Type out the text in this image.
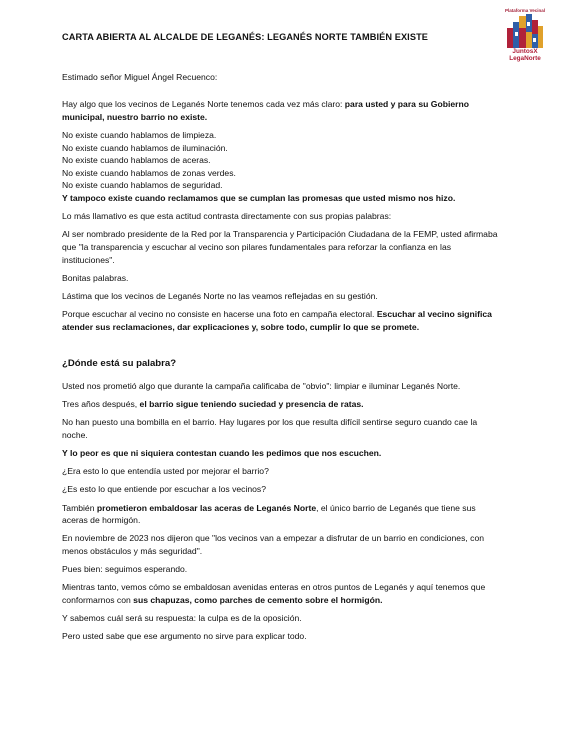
Plataforma Vecinal
JuntosX
LegaNorte
CARTA ABIERTA AL ALCALDE DE LEGANÉS: LEGANÉS NORTE TAMBIÉN EXISTE

Estimado señor Miguel Ángel Recuenco:

Hay algo que los vecinos de Leganés Norte tenemos cada vez más claro: para usted y para su Gobierno municipal, nuestro barrio no existe.

No existe cuando hablamos de limpieza.

No existe cuando hablamos de iluminación.

No existe cuando hablamos de aceras.

No existe cuando hablamos de zonas verdes.

No existe cuando hablamos de seguridad.

Y tampoco existe cuando reclamamos que se cumplan las promesas que usted mismo nos hizo.

Lo más llamativo es que esta actitud contrasta directamente con sus propias palabras:

Al ser nombrado presidente de la Red por la Transparencia y Participación Ciudadana de la FEMP, usted afirmaba que "la transparencia y escuchar al vecino son pilares fundamentales para reforzar la confianza en las instituciones".

Bonitas palabras.

Lástima que los vecinos de Leganés Norte no las veamos reflejadas en su gestión.

Porque escuchar al vecino no consiste en hacerse una foto en campaña electoral. Escuchar al vecino significa atender sus reclamaciones, dar explicaciones y, sobre todo, cumplir lo que se promete.

¿Dónde está su palabra?

Usted nos prometió algo que durante la campaña calificaba de "obvio": limpiar e iluminar Leganés Norte.

Tres años después, el barrio sigue teniendo suciedad y presencia de ratas.

No han puesto una bombilla en el barrio. Hay lugares por los que resulta difícil sentirse seguro cuando cae la noche.

Y lo peor es que ni siquiera contestan cuando les pedimos que nos escuchen.

¿Era esto lo que entendía usted por mejorar el barrio?

¿Es esto lo que entiende por escuchar a los vecinos?

También prometieron embaldosar las aceras de Leganés Norte, el único barrio de Leganés que tiene sus aceras de hormigón.

En noviembre de 2023 nos dijeron que "los vecinos van a empezar a disfrutar de un barrio en condiciones, con menos obstáculos y más seguridad".

Pues bien: seguimos esperando.

Mientras tanto, vemos cómo se embaldosan avenidas enteras en otros puntos de Leganés y aquí tenemos que conformarnos con sus chapuzas, como parches de cemento sobre el hormigón.

Y sabemos cuál será su respuesta: la culpa es de la oposición.

Pero usted sabe que ese argumento no sirve para explicar todo.
